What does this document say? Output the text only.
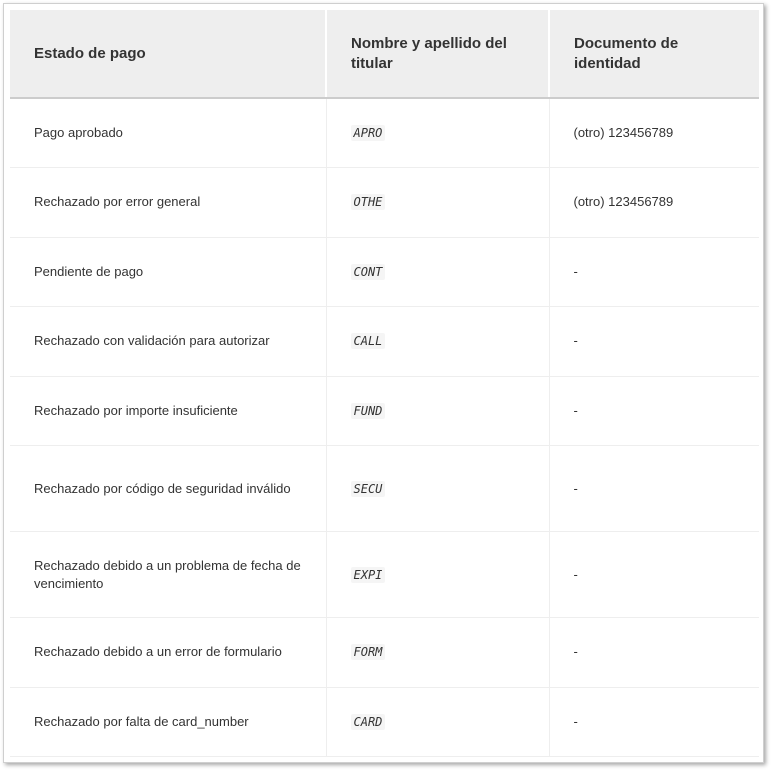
Estado de pago	Nombre y apellido del titular	Documento de identidad
Pago aprobado	APRO	(otro) 123456789
Rechazado por error general	OTHE	(otro) 123456789
Pendiente de pago	CONT	-
Rechazado con validación para autorizar	CALL	-
Rechazado por importe insuficiente	FUND	-
Rechazado por código de seguridad inválido	SECU	-
Rechazado debido a un problema de fecha de vencimiento	EXPI	-
Rechazado debido a un error de formulario	FORM	-
Rechazado por falta de card_number	CARD	-
